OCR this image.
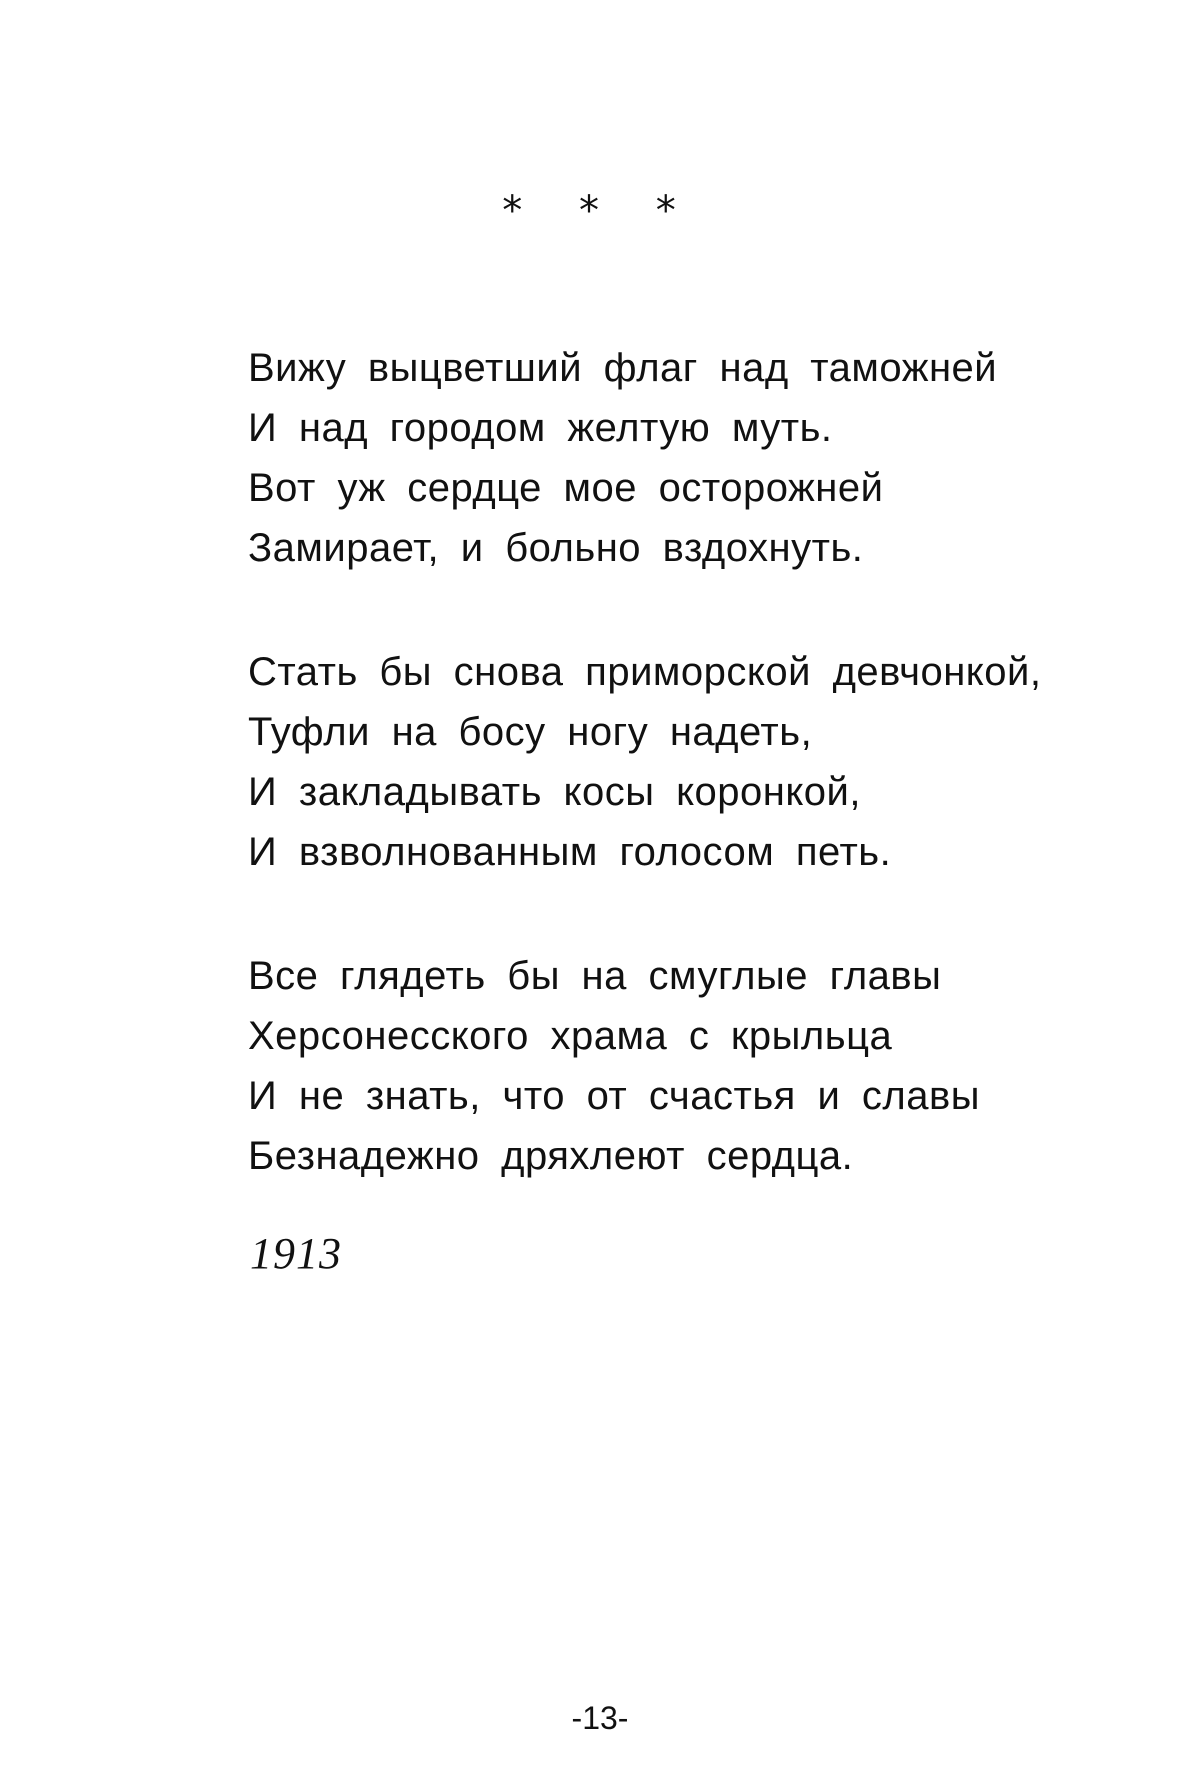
* * *
Вижу выцветший флаг над таможней
И над городом желтую муть.
Вот уж сердце мое осторожней
Замирает, и больно вздохнуть.
Стать бы снова приморской девчонкой,
Туфли на босу ногу надеть,
И закладывать косы коронкой,
И взволнованным голосом петь.
Все глядеть бы на смуглые главы
Херсонесского храма с крыльца
И не знать, что от счастья и славы
Безнадежно дряхлеют сердца.
1913
-13-
